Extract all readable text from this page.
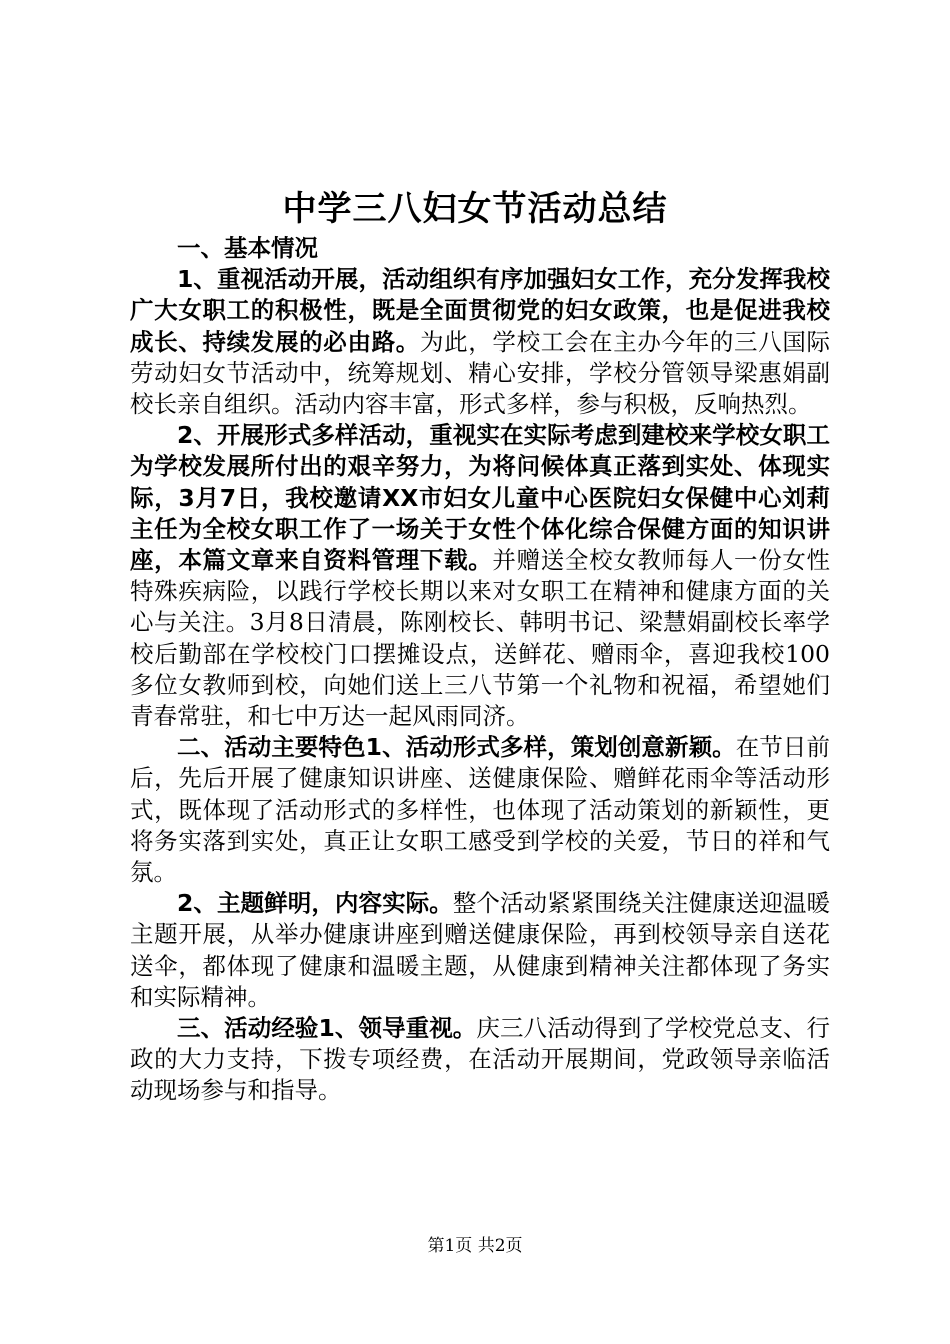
中学三八妇女节活动总结

一、基本情况

1、重视活动开展，活动组织有序加强妇女工作，充分发挥我校广大女职工的积极性，既是全面贯彻党的妇女政策，也是促进我校成长、持续发展的必由路。为此，学校工会在主办今年的三八国际劳动妇女节活动中，统筹规划、精心安排，学校分管领导梁惠娟副校长亲自组织。活动内容丰富，形式多样，参与积极，反响热烈。

2、开展形式多样活动，重视实在实际考虑到建校来学校女职工为学校发展所付出的艰辛努力，为将问候体真正落到实处、体现实际，3月7日，我校邀请XX市妇女儿童中心医院妇女保健中心刘莉主任为全校女职工作了一场关于女性个体化综合保健方面的知识讲座，本篇文章来自资料管理下载。并赠送全校女教师每人一份女性特殊疾病险，以践行学校长期以来对女职工在精神和健康方面的关心与关注。3月8日清晨，陈刚校长、韩明书记、梁慧娟副校长率学校后勤部在学校校门口摆摊设点，送鲜花、赠雨伞，喜迎我校100多位女教师到校，向她们送上三八节第一个礼物和祝福，希望她们青春常驻，和七中万达一起风雨同济。

二、活动主要特色1、活动形式多样，策划创意新颖。在节日前后，先后开展了健康知识讲座、送健康保险、赠鲜花雨伞等活动形式，既体现了活动形式的多样性，也体现了活动策划的新颖性，更将务实落到实处，真正让女职工感受到学校的关爱，节日的祥和气氛。

2、主题鲜明，内容实际。整个活动紧紧围绕关注健康送迎温暖主题开展，从举办健康讲座到赠送健康保险，再到校领导亲自送花送伞，都体现了健康和温暖主题，从健康到精神关注都体现了务实和实际精神。

三、活动经验1、领导重视。庆三八活动得到了学校党总支、行政的大力支持，下拨专项经费，在活动开展期间，党政领导亲临活动现场参与和指导。

第1页 共2页
